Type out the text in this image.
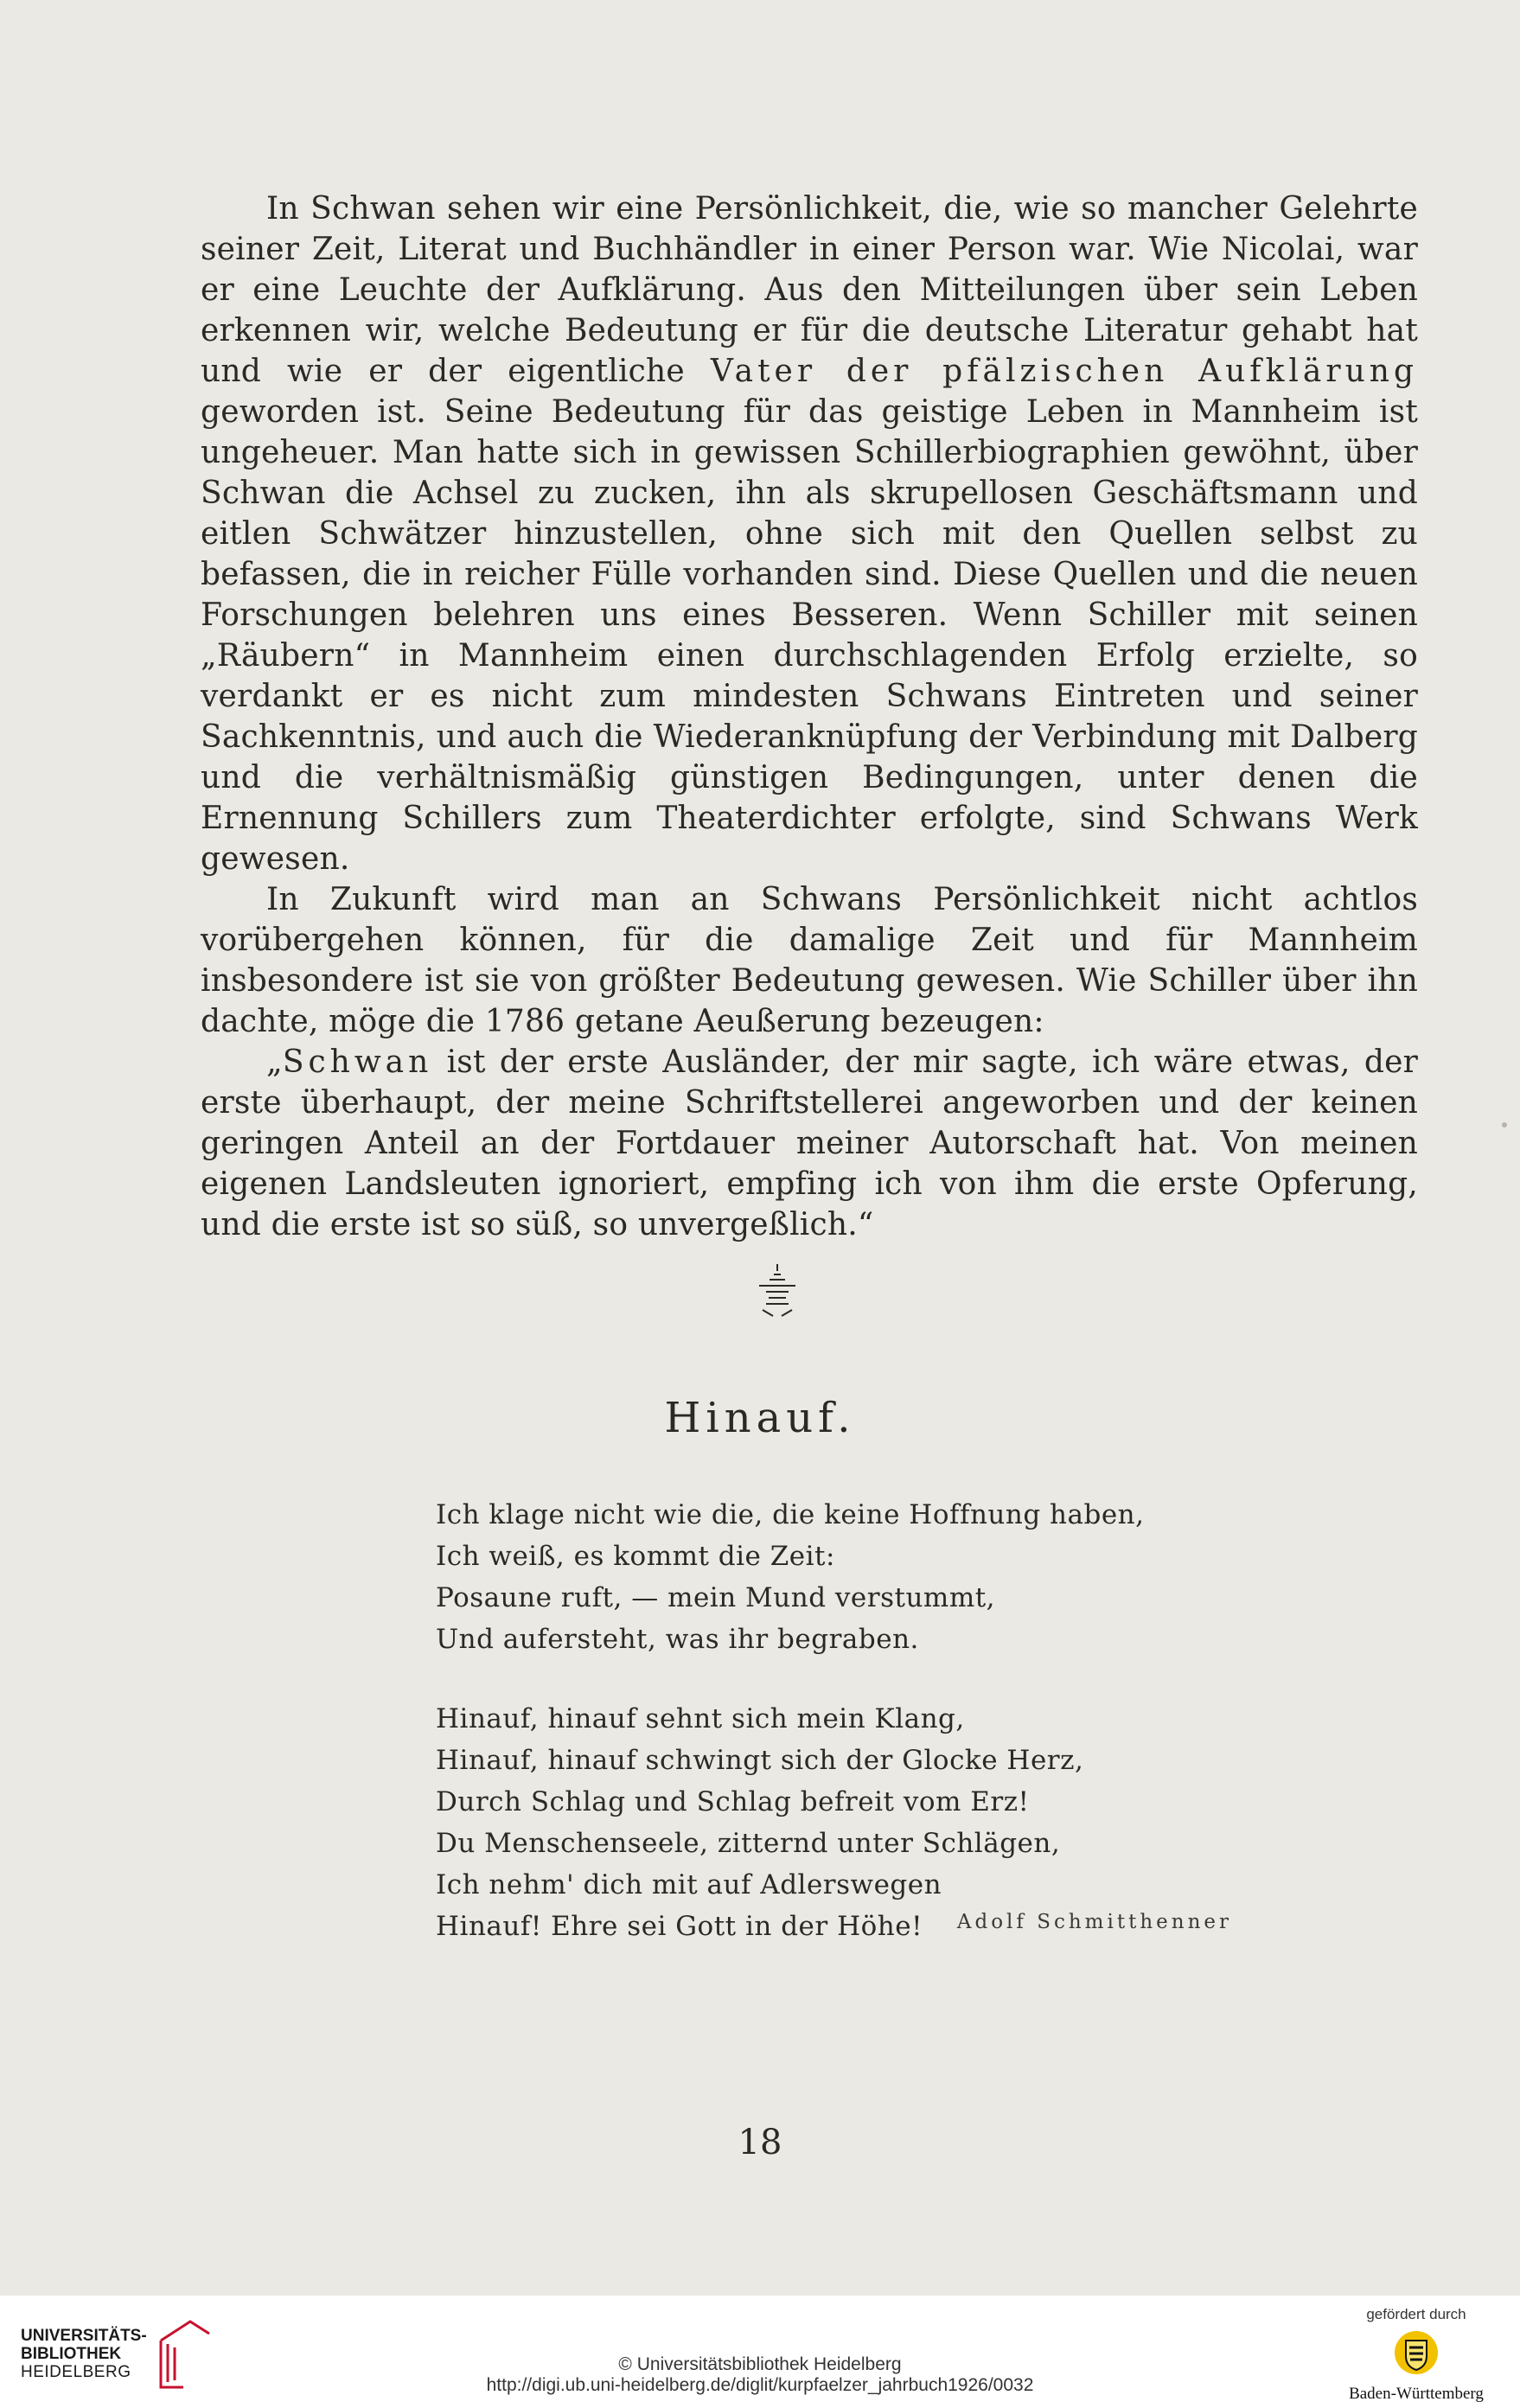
In Schwan sehen wir eine Persönlichkeit, die, wie so mancher Gelehrte seiner Zeit, Literat und Buchhändler in einer Person war. Wie Nicolai, war er eine Leuchte der Aufklärung. Aus den Mitteilungen über sein Leben erkennen wir, welche Bedeutung er für die deutsche Literatur gehabt hat und wie er der eigentliche Vater der pfälzischen Aufklärung geworden ist. Seine Bedeutung für das geistige Leben in Mannheim ist ungeheuer. Man hatte sich in gewissen Schillerbiographien gewöhnt, über Schwan die Achsel zu zucken, ihn als skrupellosen Geschäftsmann und eitlen Schwätzer hinzustellen, ohne sich mit den Quellen selbst zu befassen, die in reicher Fülle vorhanden sind. Diese Quellen und die neuen Forschungen belehren uns eines Besseren. Wenn Schiller mit seinen „Räubern“ in Mannheim einen durchschlagenden Erfolg erzielte, so verdankt er es nicht zum mindesten Schwans Eintreten und seiner Sachkenntnis, und auch die Wiederanknüpfung der Verbindung mit Dalberg und die verhältnismäßig günstigen Bedingungen, unter denen die Ernennung Schillers zum Theaterdichter erfolgte, sind Schwans Werk gewesen.

In Zukunft wird man an Schwans Persönlichkeit nicht achtlos vorübergehen können, für die damalige Zeit und für Mannheim insbesondere ist sie von größter Bedeutung gewesen. Wie Schiller über ihn dachte, möge die 1786 getane Aeußerung bezeugen:

„Schwan ist der erste Ausländer, der mir sagte, ich wäre etwas, der erste überhaupt, der meine Schriftstellerei angeworben und der keinen geringen Anteil an der Fortdauer meiner Autorschaft hat. Von meinen eigenen Landsleuten ignoriert, empfing ich von ihm die erste Opferung, und die erste ist so süß, so unvergeßlich.“

Hinauf.
Ich klage nicht wie die, die keine Hoffnung haben,
Ich weiß, es kommt die Zeit:
Posaune ruft, — mein Mund verstummt,
Und aufersteht, was ihr begraben.
Hinauf, hinauf sehnt sich mein Klang,
Hinauf, hinauf schwingt sich der Glocke Herz,
Durch Schlag und Schlag befreit vom Erz!
Du Menschenseele, zitternd unter Schlägen,
Ich nehm' dich mit auf Adlerswegen
Hinauf! Ehre sei Gott in der Höhe!	Adolf Schmitthenner
18
UNIVERSITÄTS-
BIBLIOTHEK
HEIDELBERG	© Universitätsbibliothek Heidelberg
http://digi.ub.uni-heidelberg.de/diglit/kurpfaelzer_jahrbuch1926/0032
gefördert durch
Baden-Württemberg
